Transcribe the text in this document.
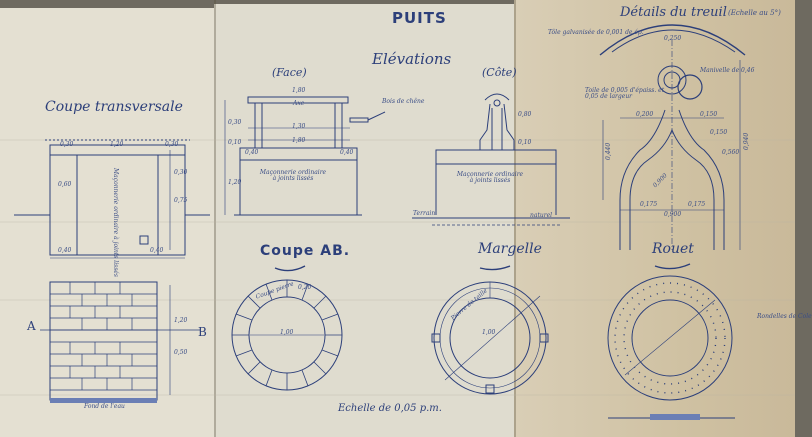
PUITS
Elévations
(Face)	(Côte)
Coupe transversale
Coupe AB.	Margelle	Rouet
Détails du treuil (Echelle au 5°)
Echelle de 0,05 p.m.
A	B
Maçonnerie ordinaire à joints lissés
Maçonnerie ordinaire à joints lissés
Maçonnerie ordinaire à joints lissés	Terrain	naturel
Tôle galvanisée de 0,001 de ép.
Axe	Bois de chêne
Rondelles de Cole
Fond de l'eau
Toile de 0,005 d'épaiss. et 0,05 de largeur
Manivelle de 0,46
Coupe pierre	Pierre de taille
0,30	1,20	0,30
0,60
0,40	0,40
0,30
0,75
1,20
0,50
1,80
1,30
0,30
1,80
0,40	0,40
0,10
1,20
0,80
0,10
1,00
0,20
1,00
0,250
0,900
0,175	0,175
0,900
0,200	0,150
0,150
0,940
0,440	0,560
